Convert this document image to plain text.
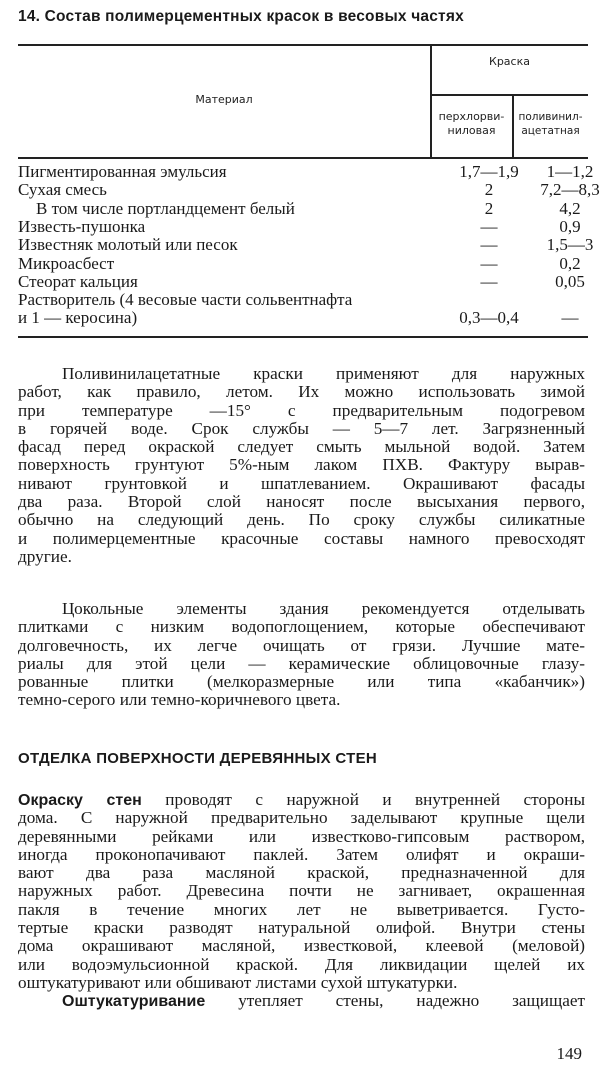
14. Состав полимерцементных красок в весовых частях
Материал
Краска
перхлорви-
ниловая
поливинил-
ацетатная
Пигментированная эмульсия	1,7—1,9	1—1,2
Сухая смесь	2	7,2—8,3
В том числе портландцемент белый	2	4,2
Известь-пушонка	—	0,9
Известняк молотый или песок	—	1,5—3
Микроасбест	—	0,2
Стеорат кальция	—	0,05
Растворитель (4 весовые части сольвентнафта
и 1 — керосина)	0,3—0,4	—
Поливинилацетатные краски применяют для наружных
работ, как правило, летом. Их можно использовать зимой
при температуре —15° с предварительным подогревом
в горячей воде. Срок службы — 5—7 лет. Загрязненный
фасад перед окраской следует смыть мыльной водой. Затем
поверхность грунтуют 5%-ным лаком ПХВ. Фактуру вырав-
нивают грунтовкой и шпатлеванием. Окрашивают фасады
два раза. Второй слой наносят после высыхания первого,
обычно на следующий день. По сроку службы силикатные
и полимерцементные красочные составы намного превосходят
другие.
Цокольные элементы здания рекомендуется отделывать
плитками с низким водопоглощением, которые обеспечивают
долговечность, их легче очищать от грязи. Лучшие мате-
риалы для этой цели — керамические облицовочные глазу-
рованные плитки (мелкоразмерные или типа «кабанчик»)
темно-серого или темно-коричневого цвета.
ОТДЕЛКА ПОВЕРХНОСТИ ДЕРЕВЯННЫХ СТЕН
Окраску стен проводят с наружной и внутренней стороны
дома. С наружной предварительно заделывают крупные щели
деревянными рейками или известково-гипсовым раствором,
иногда проконопачивают паклей. Затем олифят и окраши-
вают два раза масляной краской, предназначенной для
наружных работ. Древесина почти не загнивает, окрашенная
пакля в течение многих лет не выветривается. Густо-
тертые краски разводят натуральной олифой. Внутри стены
дома окрашивают масляной, известковой, клеевой (меловой)
или водоэмульсионной краской. Для ликвидации щелей их
оштукатуривают или обшивают листами сухой штукатурки.
Оштукатуривание утепляет стены, надежно защищает
149
